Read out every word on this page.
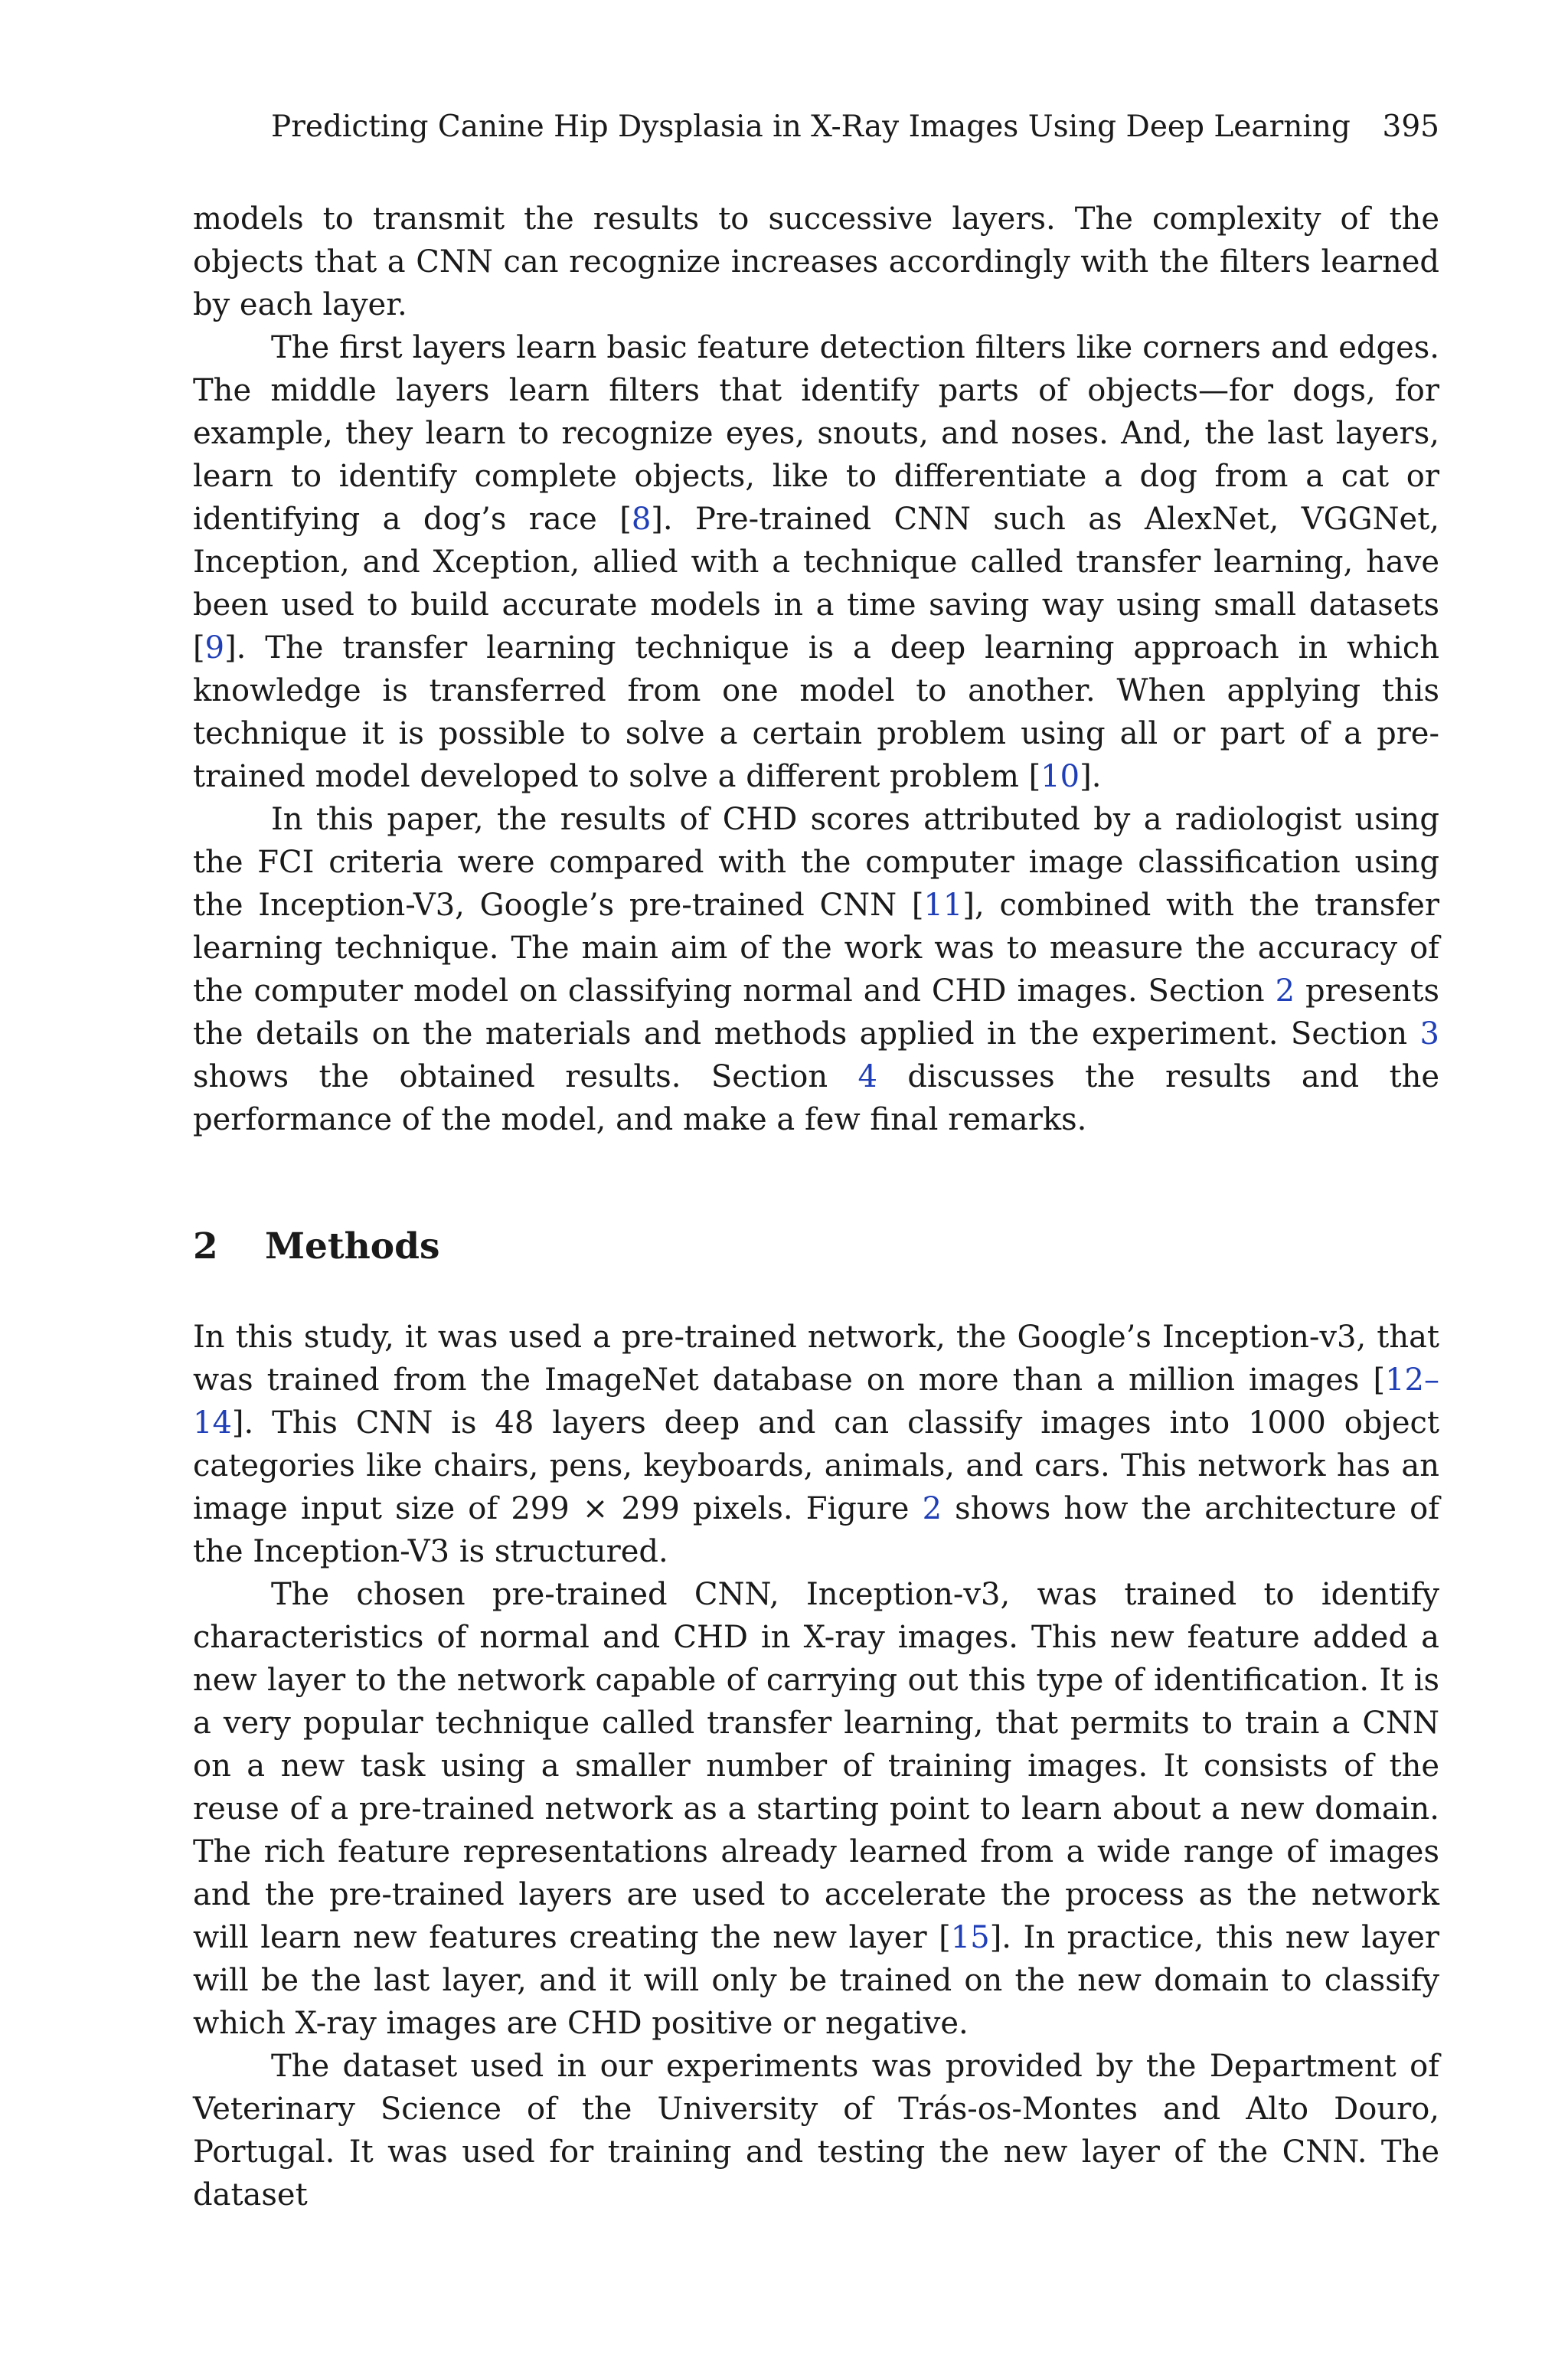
Predicting Canine Hip Dysplasia in X-Ray Images Using Deep Learning 395

models to transmit the results to successive layers. The complexity of the objects that a CNN can recognize increases accordingly with the filters learned by each layer.

The first layers learn basic feature detection filters like corners and edges. The middle layers learn filters that identify parts of objects—for dogs, for example, they learn to recognize eyes, snouts, and noses. And, the last layers, learn to identify complete objects, like to differentiate a dog from a cat or identifying a dog’s race [8]. Pre-trained CNN such as AlexNet, VGGNet, Inception, and Xception, allied with a technique called transfer learning, have been used to build accurate models in a time saving way using small datasets [9]. The transfer learning technique is a deep learning approach in which knowledge is transferred from one model to another. When applying this technique it is possible to solve a certain problem using all or part of a pre-trained model developed to solve a different problem [10].

In this paper, the results of CHD scores attributed by a radiologist using the FCI criteria were compared with the computer image classification using the Inception-V3, Google’s pre-trained CNN [11], combined with the transfer learning technique. The main aim of the work was to measure the accuracy of the computer model on classifying normal and CHD images. Section 2 presents the details on the materials and methods applied in the experiment. Section 3 shows the obtained results. Section 4 discusses the results and the performance of the model, and make a few final remarks.

2	Methods

In this study, it was used a pre-trained network, the Google’s Inception-v3, that was trained from the ImageNet database on more than a million images [12–14]. This CNN is 48 layers deep and can classify images into 1000 object categories like chairs, pens, keyboards, animals, and cars. This network has an image input size of 299 × 299 pixels. Figure 2 shows how the architecture of the Inception-V3 is structured.

The chosen pre-trained CNN, Inception-v3, was trained to identify characteristics of normal and CHD in X-ray images. This new feature added a new layer to the network capable of carrying out this type of identification. It is a very popular technique called transfer learning, that permits to train a CNN on a new task using a smaller number of training images. It consists of the reuse of a pre-trained network as a starting point to learn about a new domain. The rich feature representations already learned from a wide range of images and the pre-trained layers are used to accelerate the process as the network will learn new features creating the new layer [15]. In practice, this new layer will be the last layer, and it will only be trained on the new domain to classify which X-ray images are CHD positive or negative.

The dataset used in our experiments was provided by the Department of Veterinary Science of the University of Trás-os-Montes and Alto Douro, Portugal. It was used for training and testing the new layer of the CNN. The dataset
